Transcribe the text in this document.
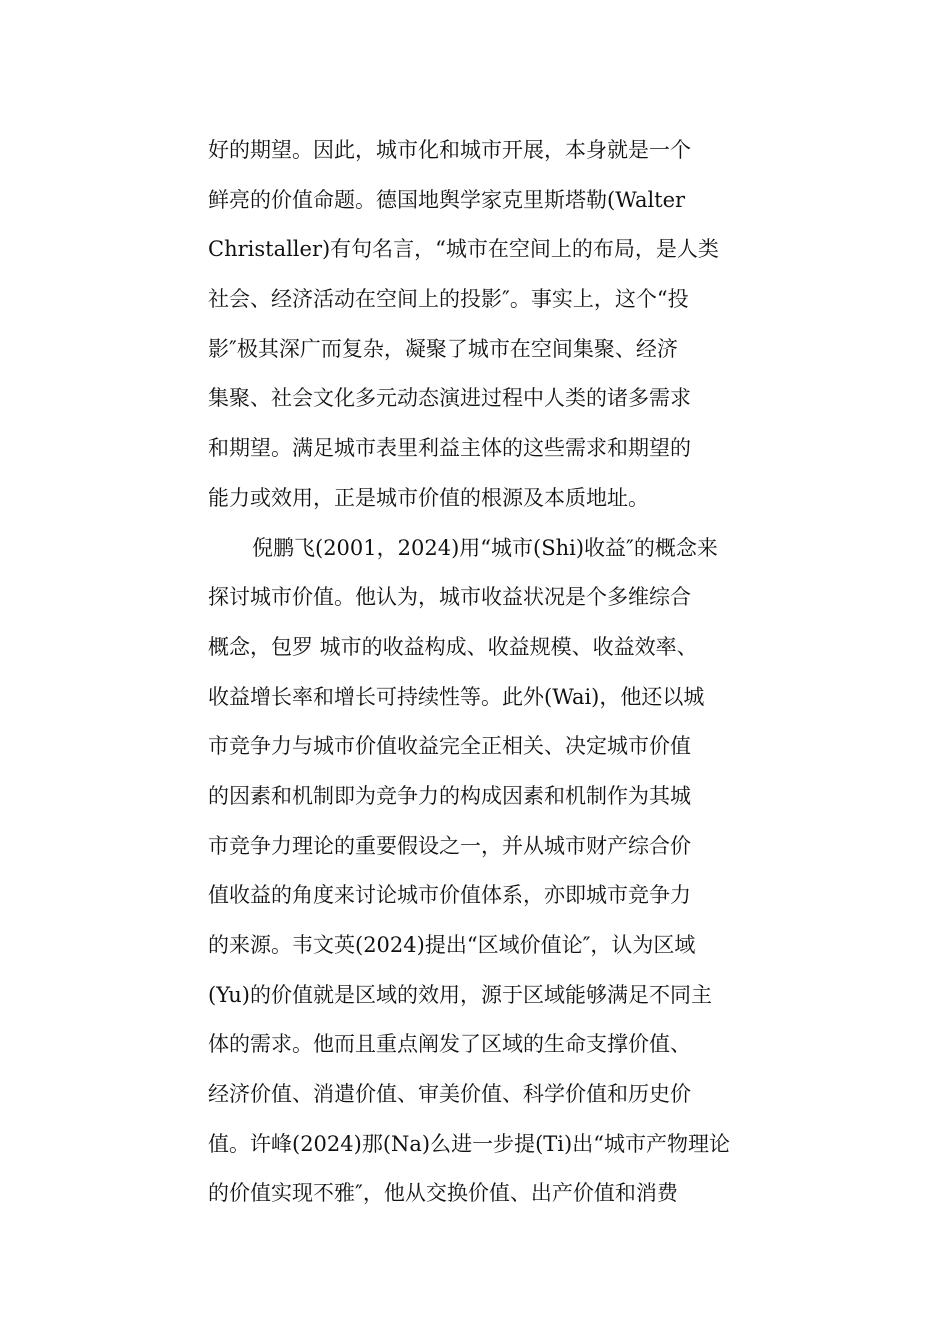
好的期望。因此，城市化和城市开展，本身就是一个
鲜亮的价值命题。德国地舆学家克里斯塔勒(Walter
Christaller)有句名言，“城市在空间上的布局，是人类
社会、经济活动在空间上的投影″。事实上，这个“投
影″极其深广而复杂，凝聚了城市在空间集聚、经济
集聚、社会文化多元动态演进过程中人类的诸多需求
和期望。满足城市表里利益主体的这些需求和期望的
能力或效用，正是城市价值的根源及本质地址。
倪鹏飞(2001，2024)用“城市(Shi)收益″的概念来
探讨城市价值。他认为，城市收益状况是个多维综合
概念，包罗 城市的收益构成、收益规模、收益效率、
收益增长率和增长可持续性等。此外(Wai)，他还以城
市竞争力与城市价值收益完全正相关、决定城市价值
的因素和机制即为竞争力的构成因素和机制作为其城
市竞争力理论的重要假设之一，并从城市财产综合价
值收益的角度来讨论城市价值体系，亦即城市竞争力
的来源。韦文英(2024)提出“区域价值论″，认为区域
(Yu)的价值就是区域的效用，源于区域能够满足不同主
体的需求。他而且重点阐发了区域的生命支撑价值、
经济价值、消遣价值、审美价值、科学价值和历史价
值。许峰(2024)那(Na)么进一步提(Ti)出“城市产物理论
的价值实现不雅″，他从交换价值、出产价值和消费
